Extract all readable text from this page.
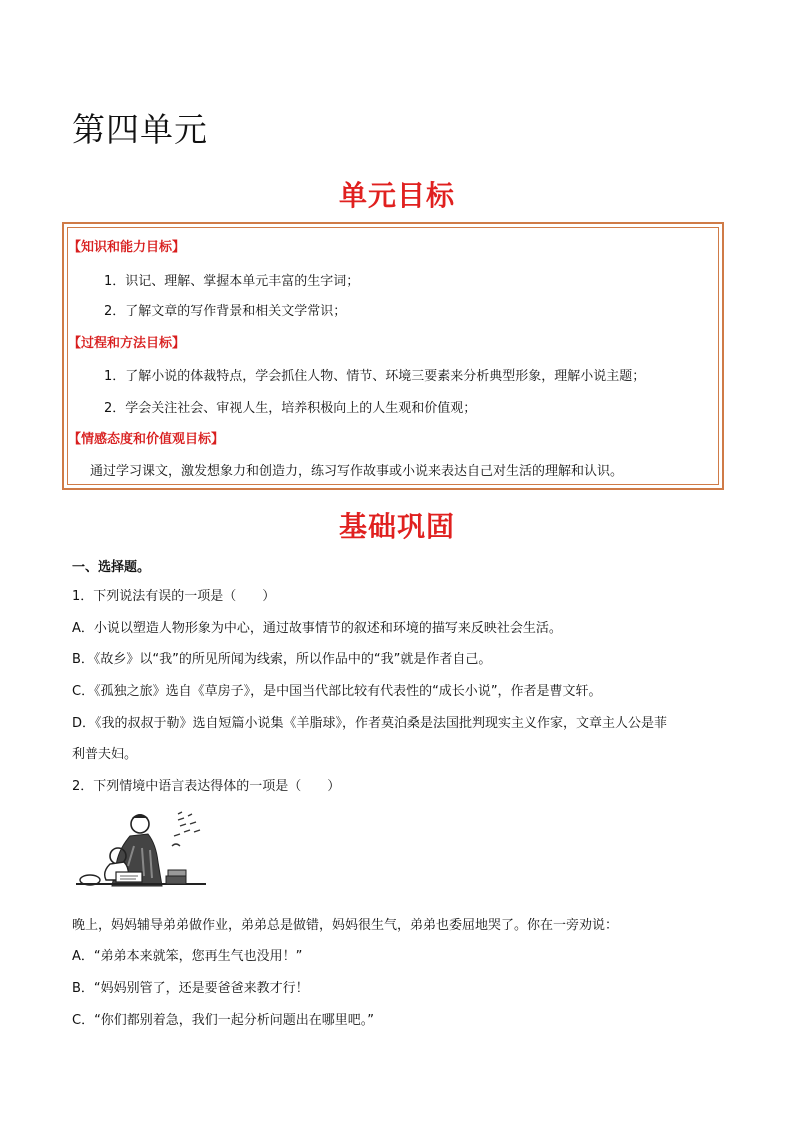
第四单元
单元目标
【知识和能力目标】
1．识记、理解、掌握本单元丰富的生字词；
2．了解文章的写作背景和相关文学常识；
【过程和方法目标】
1．了解小说的体裁特点，学会抓住人物、情节、环境三要素来分析典型形象，理解小说主题；
2．学会关注社会、审视人生，培养积极向上的人生观和价值观；
【情感态度和价值观目标】
通过学习课文，激发想象力和创造力，练习写作故事或小说来表达自己对生活的理解和认识。
基础巩固
一、选择题。
1．下列说法有误的一项是（　　）
A．小说以塑造人物形象为中心，通过故事情节的叙述和环境的描写来反映社会生活。
B．《故乡》以“我”的所见所闻为线索，所以作品中的“我”就是作者自己。
C．《孤独之旅》选自《草房子》，是中国当代部比较有代表性的“成长小说”，作者是曹文轩。
D．《我的叔叔于勒》选自短篇小说集《羊脂球》，作者莫泊桑是法国批判现实主义作家，文章主人公是菲
利普夫妇。
2．下列情境中语言表达得体的一项是（　　）
晚上，妈妈辅导弟弟做作业，弟弟总是做错，妈妈很生气，弟弟也委屈地哭了。你在一旁劝说：
A．“弟弟本来就笨，您再生气也没用！”
B．“妈妈别管了，还是要爸爸来教才行！
C．“你们都别着急，我们一起分析问题出在哪里吧。”
